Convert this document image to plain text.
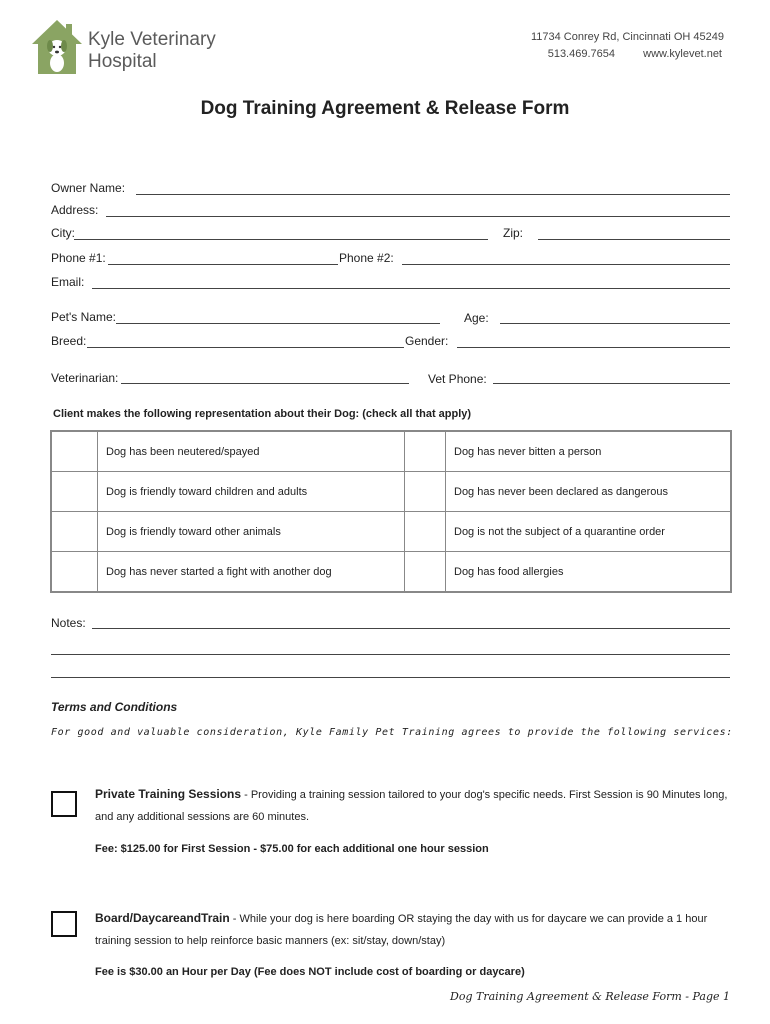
Kyle Veterinary
Hospital
11734 Conrey Rd, Cincinnati OH 45249
513.469.7654	www.kylevet.net
Dog Training Agreement & Release Form
Owner Name:
Address:
City:	Zip:
Phone #1:	Phone #2:
Email:
Pet's Name:	Age:
Breed:	Gender:
Veterinarian:	Vet Phone:
Client makes the following representation about their Dog: (check all that apply)
	Dog has been neutered/spayed		Dog has never bitten a person
	Dog is friendly toward children and adults		Dog has never been declared as dangerous
	Dog is friendly toward other animals		Dog is not the subject of a quarantine order
	Dog has never started a fight with another dog		Dog has food allergies
Notes:
Terms and Conditions
For good and valuable consideration, Kyle Family Pet Training agrees to provide the following services:
Private Training Sessions - Providing a training session tailored to your dog's specific needs. First Session is 90 Minutes long,
and any additional sessions are 60 minutes.
Fee: $125.00 for First Session - $75.00 for each additional one hour session
Board/DaycareandTrain - While your dog is here boarding OR staying the day with us for daycare we can provide a 1 hour
training session to help reinforce basic manners (ex: sit/stay, down/stay)
Fee is $30.00 an Hour per Day (Fee does NOT include cost of boarding or daycare)
Dog Training Agreement & Release Form - Page 1
